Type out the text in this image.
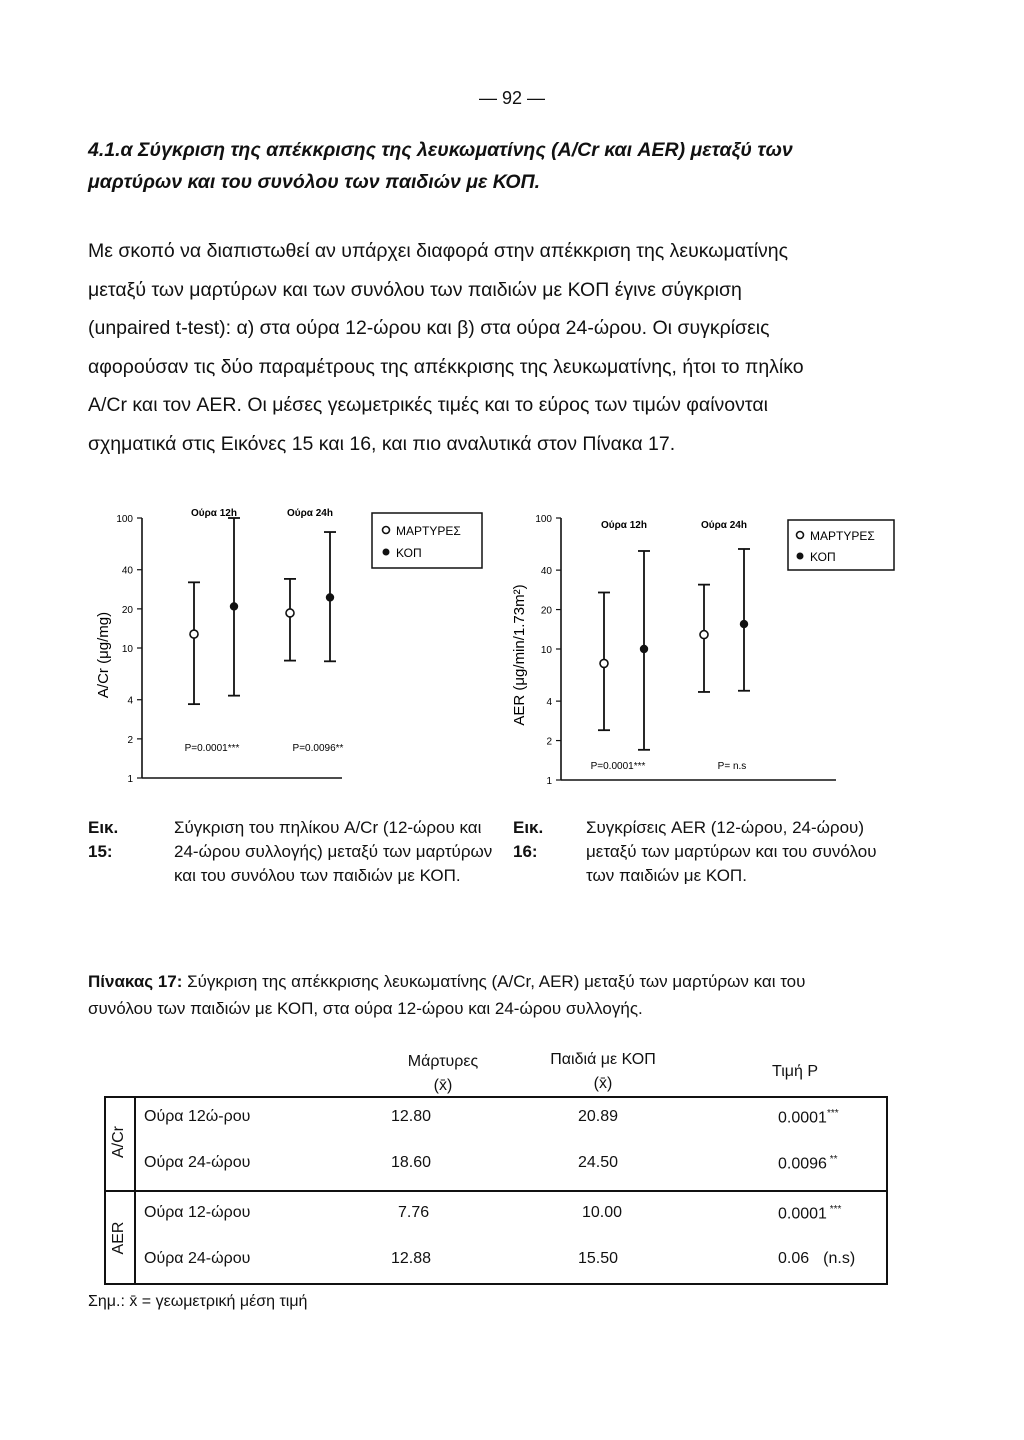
— 92 —
4.1.α Σύγκριση της απέκκρισης της λευκωματίνης (A/Cr και AER) μεταξύ των
μαρτύρων και του συνόλου των παιδιών με ΚΟΠ.
Με σκοπό να διαπιστωθεί αν υπάρχει διαφορά στην απέκκριση της λευκωματίνης
μεταξύ των μαρτύρων και των συνόλου των παιδιών με ΚΟΠ έγινε σύγκριση
(unpaired t-test): α) στα ούρα 12-ώρου και β) στα ούρα 24-ώρου. Οι συγκρίσεις
αφορούσαν τις δύο παραμέτρους της απέκκρισης της λευκωματίνης, ήτοι το πηλίκο
A/Cr και τον AER. Οι μέσες γεωμετρικές τιμές και το εύρος των τιμών φαίνονται
σχηματικά στις Εικόνες 15 και 16, και πιο αναλυτικά στον Πίνακα 17.
A/Cr (μg/mg)
1
2
4
10
20
40
100
Ούρα 12h
P=0.0001***
Ούρα 24h
P=0.0096**
ΜΑΡΤΥΡΕΣ
ΚΟΠ
AER (μg/min/1.73m²)
1
2
4
10
20
40
100
Ούρα 12h
P=0.0001***
Ούρα 24h
P= n.s
ΜΑΡΤΥΡΕΣ
ΚΟΠ
Εικ. 15:
Σύγκριση του πηλίκου A/Cr (12-ώρου και
24-ώρου συλλογής) μεταξύ των μαρτύρων
και του συνόλου των παιδιών με ΚΟΠ.
Εικ. 16:
Συγκρίσεις AER (12-ώρου, 24-ώρου)
μεταξύ των μαρτύρων και του συνόλου
των παιδιών με ΚΟΠ.
Πίνακας 17: Σύγκριση της απέκκρισης λευκωματίνης (A/Cr, AER) μεταξύ των μαρτύρων και του
συνόλου των παιδιών με ΚΟΠ, στα ούρα 12-ώρου και 24-ώρου συλλογής.
Μάρτυρες
(x̄)
Παιδιά με ΚΟΠ
(x̄)
Τιμή P
A/Cr
AER
Ούρα 12ώ-ρου	12.80	20.89	0.0001***
Ούρα 24-ώρου	18.60	24.50	0.0096 **
Ούρα 12-ώρου	7.76	10.00	0.0001 ***
Ούρα 24-ώρου	12.88	15.50	0.06 (n.s)
Σημ.: x̄ = γεωμετρική μέση τιμή
